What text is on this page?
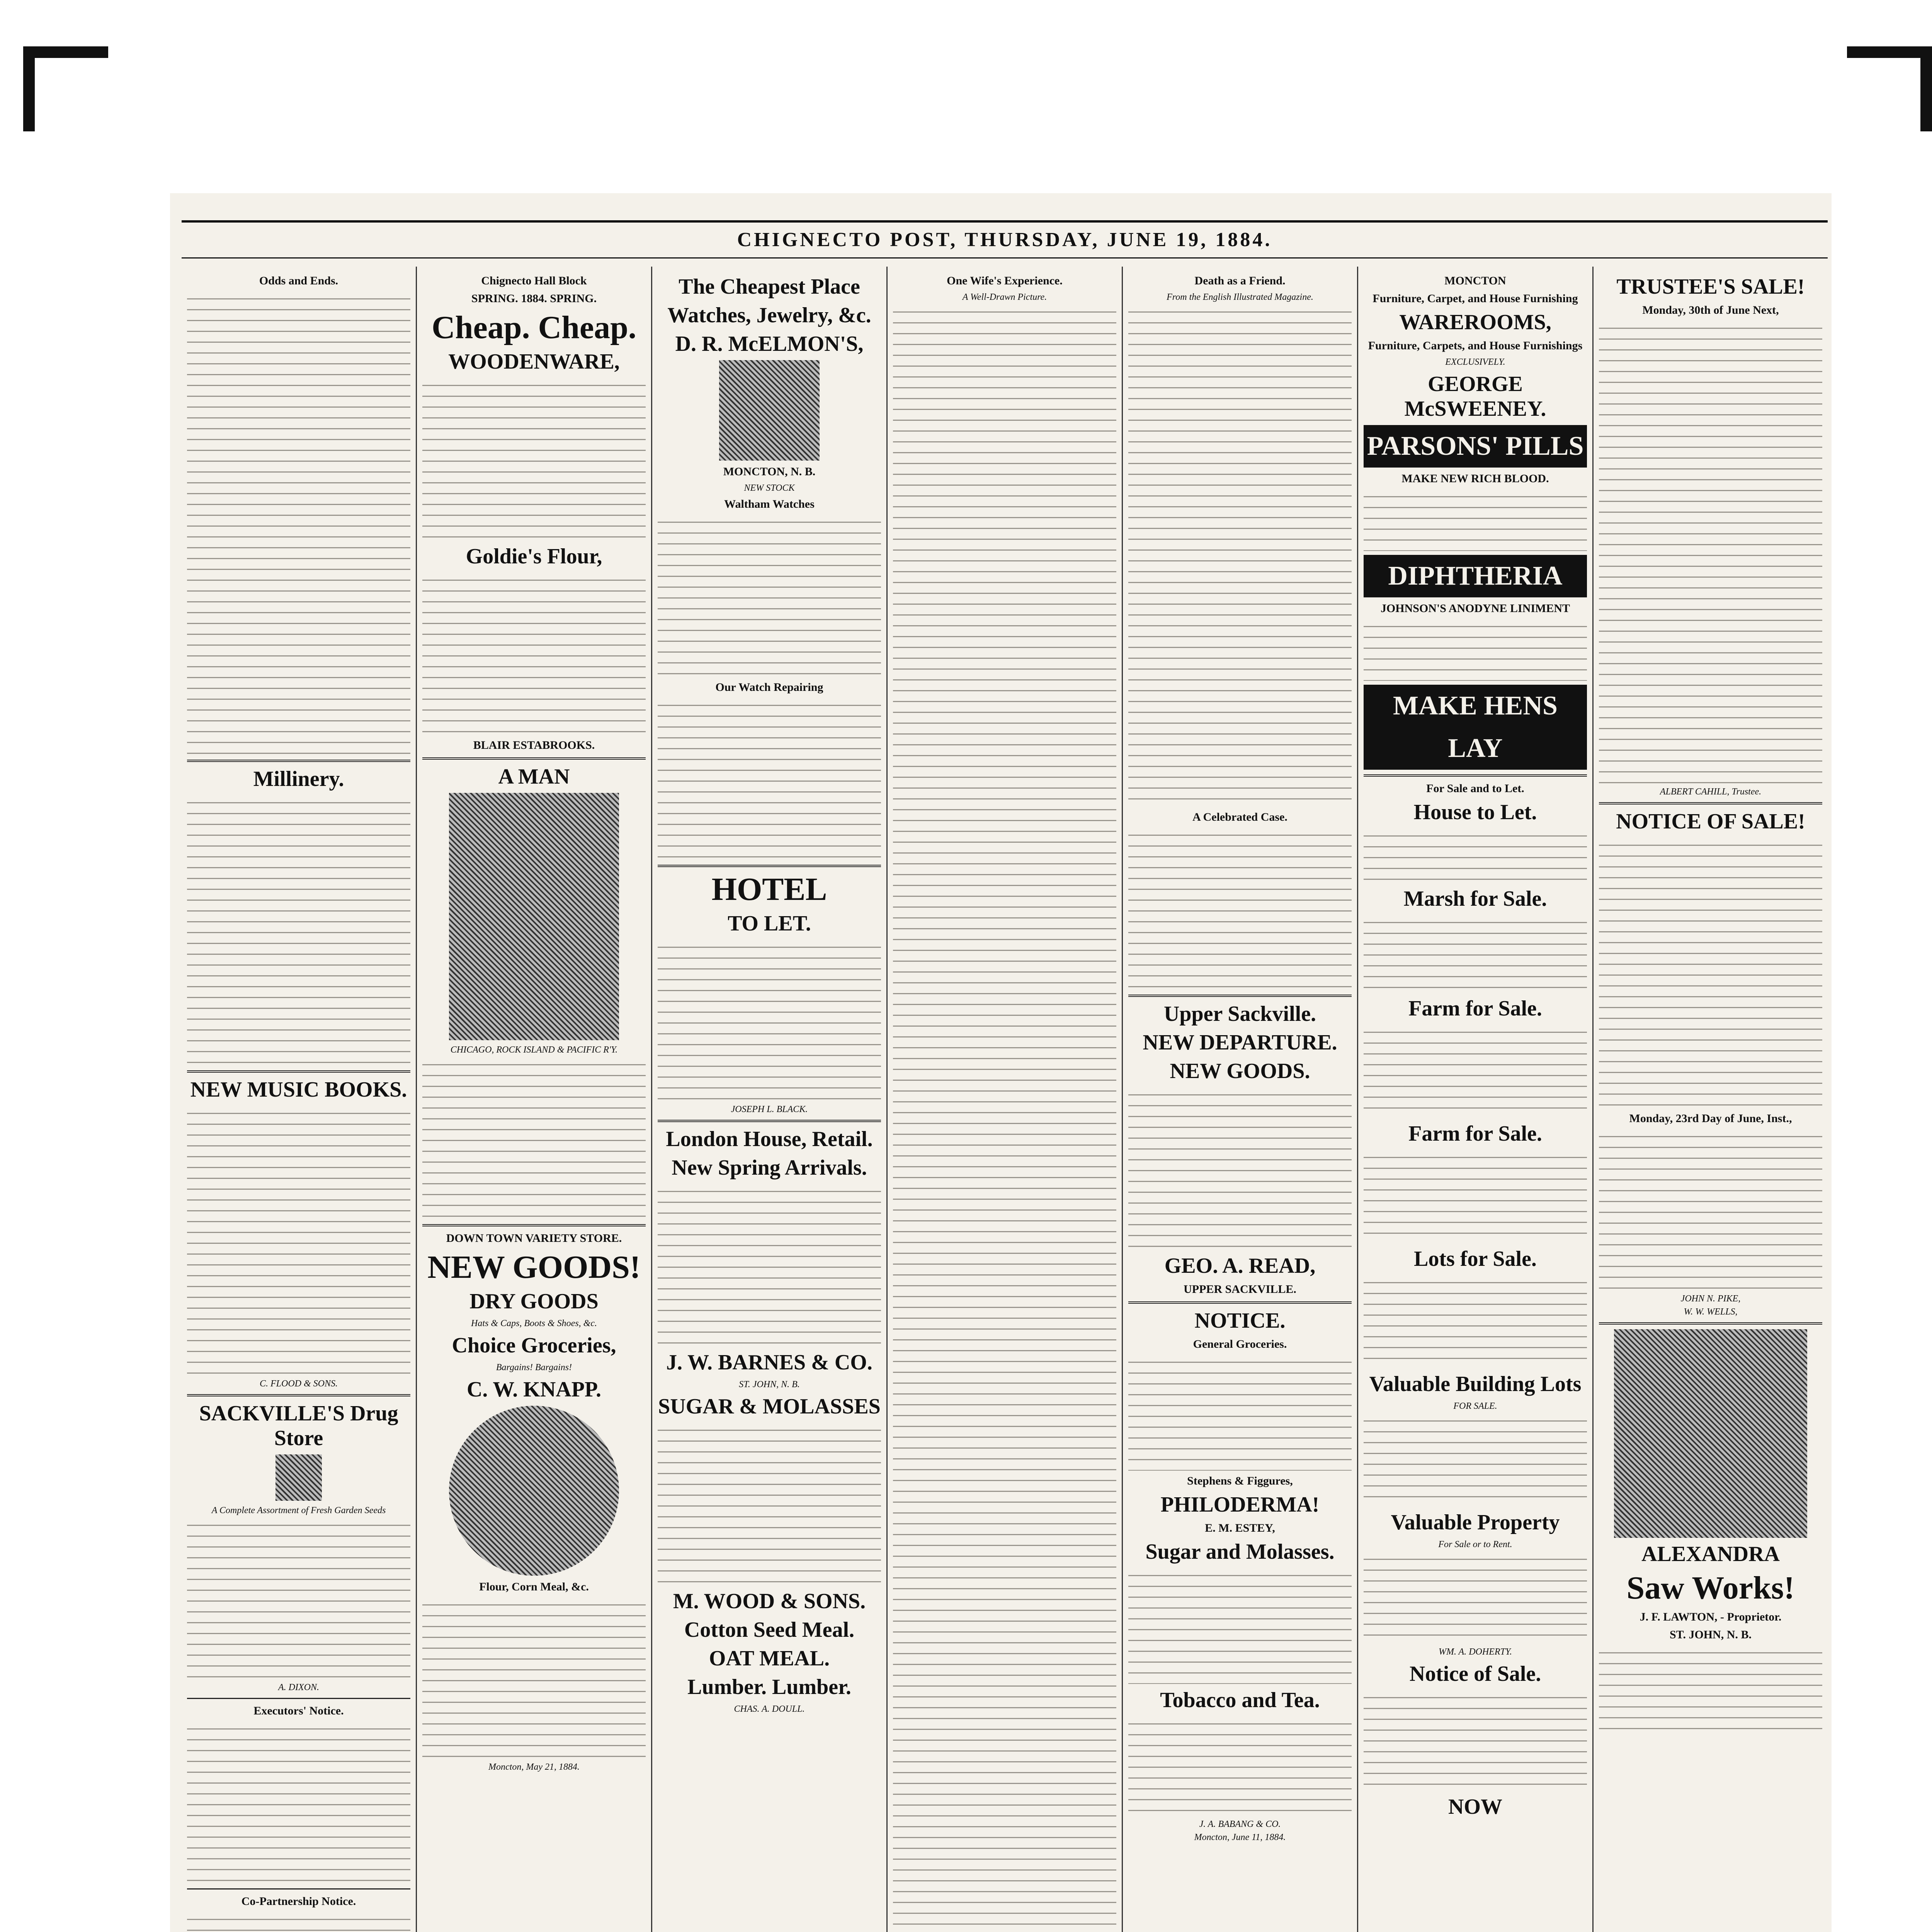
CHIGNECTO POST, THURSDAY, JUNE 19, 1884.
Odds and Ends.
Millinery.
NEW MUSIC BOOKS.
C. FLOOD & SONS.
SACKVILLE'S Drug Store
A Complete Assortment of Fresh Garden Seeds
A. DIXON.
Executors' Notice.
Co-Partnership Notice.
Chignecto Hall Block
SPRING. 1884. SPRING.
Cheap. Cheap.
WOODENWARE,
Goldie's Flour,
BLAIR ESTABROOKS.
A MAN
CHICAGO, ROCK ISLAND & PACIFIC R'Y.
DOWN TOWN VARIETY STORE.
NEW GOODS!
DRY GOODS
Hats & Caps, Boots & Shoes, &c.
Choice Groceries,
Bargains! Bargains!
C. W. KNAPP.
Flour, Corn Meal, &c.
Moncton, May 21, 1884.
The Cheapest Place
Watches, Jewelry, &c.
D. R. McELMON'S,
MONCTON, N. B.
NEW STOCK
Waltham Watches
Our Watch Repairing
HOTEL
TO LET.
JOSEPH L. BLACK.
London House, Retail.
New Spring Arrivals.
J. W. BARNES & CO.
ST. JOHN, N. B.
SUGAR & MOLASSES
M. WOOD & SONS.
Cotton Seed Meal.
OAT MEAL.
Lumber. Lumber.
CHAS. A. DOULL.
One Wife's Experience.
A Well-Drawn Picture.
Death as a Friend.
From the English Illustrated Magazine.
A Celebrated Case.
Upper Sackville.
NEW DEPARTURE.
NEW GOODS.
GEO. A. READ,
UPPER SACKVILLE.
NOTICE.
General Groceries.
Stephens & Figgures,
PHILODERMA!
E. M. ESTEY,
Sugar and Molasses.
Tobacco and Tea.
J. A. BABANG & CO.
Moncton, June 11, 1884.
MONCTON
Furniture, Carpet, and House Furnishing
WAREROOMS,
Furniture, Carpets, and House Furnishings
EXCLUSIVELY.
GEORGE McSWEENEY.
PARSONS' PILLS
MAKE NEW RICH BLOOD.
DIPHTHERIA
JOHNSON'S ANODYNE LINIMENT
MAKE HENS LAY
For Sale and to Let.
House to Let.
Marsh for Sale.
Farm for Sale.
Farm for Sale.
Lots for Sale.
Valuable Building Lots
FOR SALE.
Valuable Property
For Sale or to Rent.
WM. A. DOHERTY.
Notice of Sale.
NOW
TRUSTEE'S SALE!
Monday, 30th of June Next,
ALBERT CAHILL, Trustee.
NOTICE OF SALE!
Monday, 23rd Day of June, Inst.,
JOHN N. PIKE,
W. W. WELLS,
ALEXANDRA
Saw Works!
J. F. LAWTON, - Proprietor.
ST. JOHN, N. B.
